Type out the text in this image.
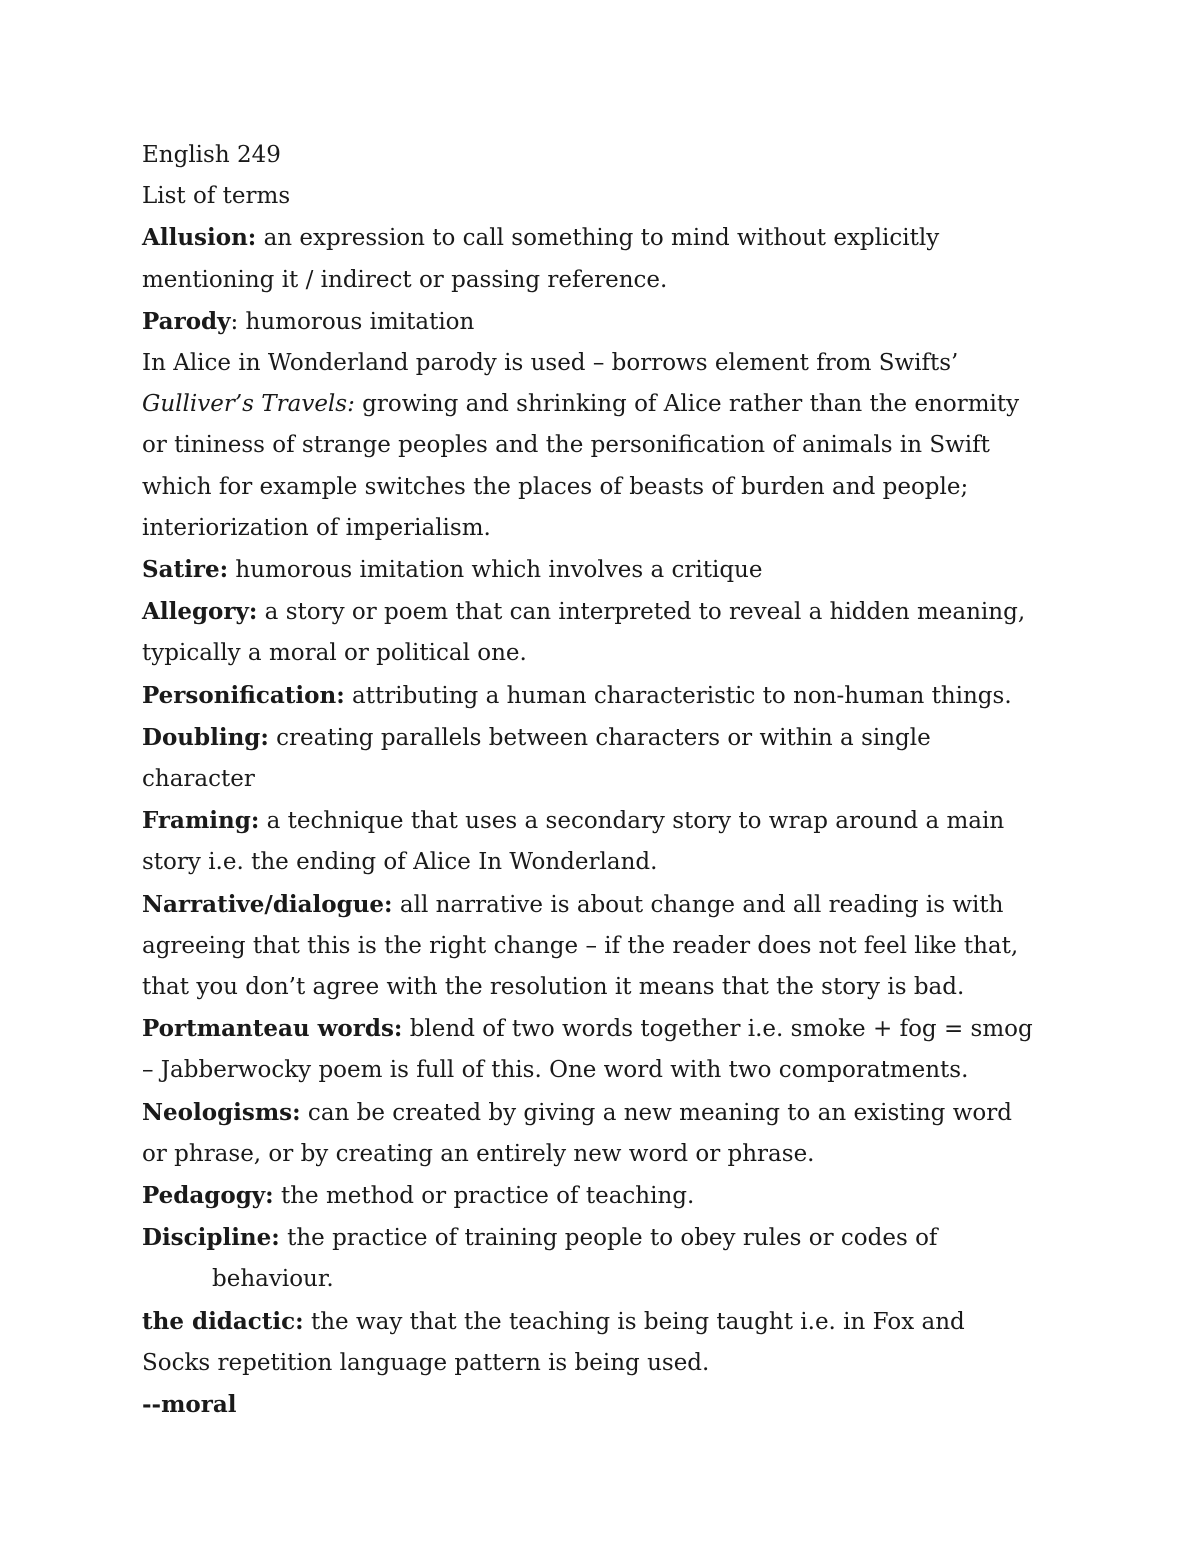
English 249
List of terms
Allusion: an expression to call something to mind without explicitly
mentioning it / indirect or passing reference.
Parody: humorous imitation
In Alice in Wonderland parody is used – borrows element from Swifts’
Gulliver’s Travels: growing and shrinking of Alice rather than the enormity
or tininess of strange peoples and the personification of animals in Swift
which for example switches the places of beasts of burden and people;
interiorization of imperialism.
Satire: humorous imitation which involves a critique
Allegory: a story or poem that can interpreted to reveal a hidden meaning,
typically a moral or political one.
Personification: attributing a human characteristic to non-human things.
Doubling: creating parallels between characters or within a single
character
Framing: a technique that uses a secondary story to wrap around a main
story i.e. the ending of Alice In Wonderland.
Narrative/dialogue: all narrative is about change and all reading is with
agreeing that this is the right change – if the reader does not feel like that,
that you don’t agree with the resolution it means that the story is bad.
Portmanteau words: blend of two words together i.e. smoke + fog = smog
– Jabberwocky poem is full of this. One word with two comporatments.
Neologisms: can be created by giving a new meaning to an existing word
or phrase, or by creating an entirely new word or phrase.
Pedagogy: the method or practice of teaching.
Discipline: the practice of training people to obey rules or codes of
behaviour.
the didactic: the way that the teaching is being taught i.e. in Fox and
Socks repetition language pattern is being used.
--moral
